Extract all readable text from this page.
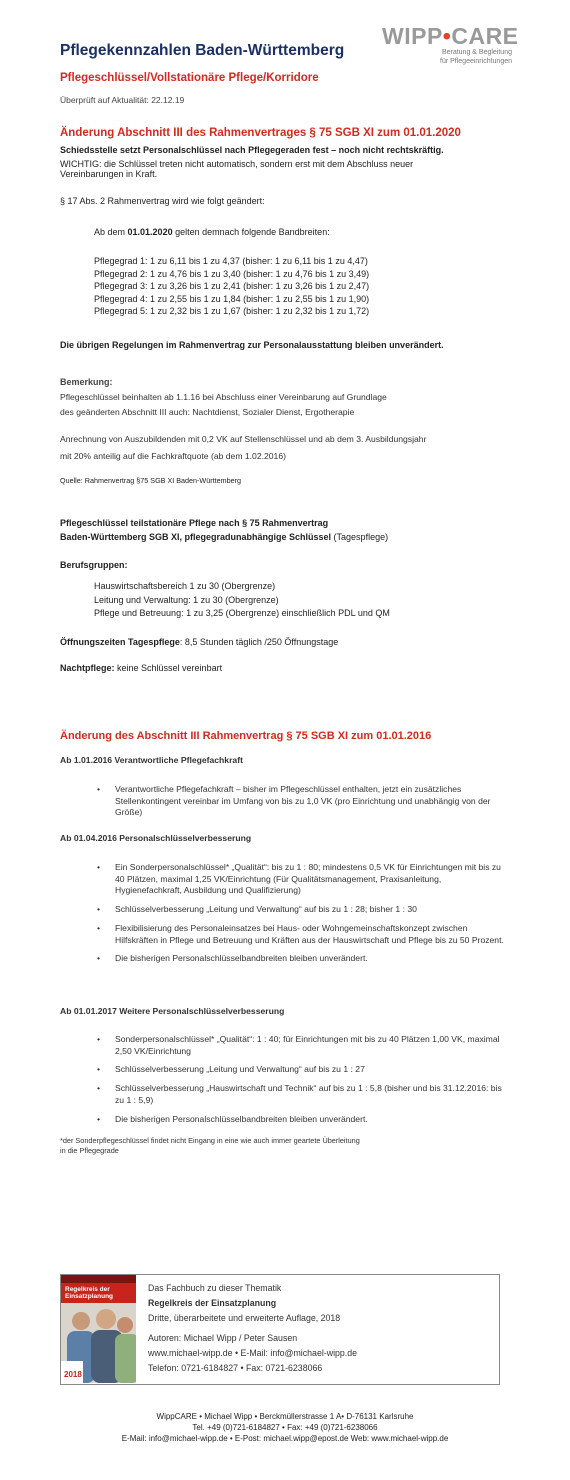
WIPP•CARE
Beratung & Begleitung
für Pflegeeinrichtungen
Pflegekennzahlen Baden-Württemberg
Pflegeschlüssel/Vollstationäre Pflege/Korridore
Überprüft auf Aktualität: 22.12.19
Änderung Abschnitt III des Rahmenvertrages § 75 SGB XI zum 01.01.2020
Schiedsstelle setzt Personalschlüssel nach Pflegegeraden fest – noch nicht rechtskräftig.
WICHTIG: die Schlüssel treten nicht automatisch, sondern erst mit dem Abschluss neuer
Vereinbarungen in Kraft.
§ 17 Abs. 2 Rahmenvertrag wird wie folgt geändert:
Ab dem 01.01.2020 gelten demnach folgende Bandbreiten:
Pflegegrad 1: 1 zu 6,11 bis 1 zu 4,37 (bisher: 1 zu 6,11 bis 1 zu 4,47)
Pflegegrad 2: 1 zu 4,76 bis 1 zu 3,40 (bisher: 1 zu 4,76 bis 1 zu 3,49)
Pflegegrad 3: 1 zu 3,26 bis 1 zu 2,41 (bisher: 1 zu 3,26 bis 1 zu 2,47)
Pflegegrad 4: 1 zu 2,55 bis 1 zu 1,84 (bisher: 1 zu 2,55 bis 1 zu 1,90)
Pflegegrad 5: 1 zu 2,32 bis 1 zu 1,67 (bisher: 1 zu 2,32 bis 1 zu 1,72)
Die übrigen Regelungen im Rahmenvertrag zur Personalausstattung bleiben unverändert.
Bemerkung:
Pflegeschlüssel beinhalten ab 1.1.16 bei Abschluss einer Vereinbarung auf Grundlage
des geänderten Abschnitt III auch: Nachtdienst, Sozialer Dienst, Ergotherapie
Anrechnung von Auszubildenden mit 0,2 VK auf Stellenschlüssel und ab dem 3. Ausbildungsjahr
mit 20% anteilig auf die Fachkraftquote (ab dem 1.02.2016)
Quelle: Rahmenvertrag §75 SGB XI Baden-Württemberg
Pflegeschlüssel teilstationäre Pflege nach § 75 Rahmenvertrag
Baden-Württemberg SGB XI, pflegegradunabhängige Schlüssel (Tagespflege)
Berufsgruppen:
Hauswirtschaftsbereich 1 zu 30 (Obergrenze)
Leitung und Verwaltung: 1 zu 30 (Obergrenze)
Pflege und Betreuung: 1 zu 3,25 (Obergrenze) einschließlich PDL und QM
Öffnungszeiten Tagespflege: 8,5 Stunden täglich /250 Öffnungstage
Nachtpflege: keine Schlüssel vereinbart
Änderung des Abschnitt III Rahmenvertrag § 75 SGB XI zum 01.01.2016
Ab 1.01.2016 Verantwortliche Pflegefachkraft
• Verantwortliche Pflegefachkraft – bisher im Pflegeschlüssel enthalten, jetzt ein zusätzliches Stellenkontingent vereinbar im Umfang von bis zu 1,0 VK (pro Einrichtung und unabhängig von der Größe)
Ab 01.04.2016 Personalschlüsselverbesserung
• Ein Sonderpersonalschlüssel* „Qualität“: bis zu 1 : 80; mindestens 0,5 VK für Einrichtungen mit bis zu 40 Plätzen, maximal 1,25 VK/Einrichtung (Für Qualitätsmanagement, Praxisanleitung, Hygienefachkraft, Ausbildung und Qualifizierung)
• Schlüsselverbesserung „Leitung und Verwaltung“ auf bis zu 1 : 28; bisher 1 : 30
• Flexibilisierung des Personaleinsatzes bei Haus- oder Wohngemeinschaftskonzept zwischen Hilfskräften in Pflege und Betreuung und Kräften aus der Hauswirtschaft und Pflege bis zu 50 Prozent.
• Die bisherigen Personalschlüsselbandbreiten bleiben unverändert.
Ab 01.01.2017 Weitere Personalschlüsselverbesserung
• Sonderpersonalschlüssel* „Qualität“: 1 : 40; für Einrichtungen mit bis zu 40 Plätzen 1,00 VK, maximal 2,50 VK/Einrichtung
• Schlüsselverbesserung „Leitung und Verwaltung“ auf bis zu 1 : 27
• Schlüsselverbesserung „Hauswirtschaft und Technik“ auf bis zu 1 : 5,8 (bisher und bis 31.12.2016: bis zu 1 : 5,9)
• Die bisherigen Personalschlüsselbandbreiten bleiben unverändert.
*der Sonderpflegeschlüssel findet nicht Eingang in eine wie auch immer geartete Überleitung
in die Pflegegrade
Regelkreis der
Einsatzplanung
2018
Das Fachbuch zu dieser Thematik
Regelkreis der Einsatzplanung
Dritte, überarbeitete und erweiterte Auflage, 2018
Autoren: Michael Wipp / Peter Sausen
www.michael-wipp.de • E-Mail: info@michael-wipp.de
Telefon: 0721-6184827 • Fax: 0721-6238066
WippCARE • Michael Wipp • Berckmüllerstrasse 1 A• D-76131 Karlsruhe
Tel. +49 (0)721-6184827 • Fax: +49 (0)721-6238066
E-Mail: info@michael-wipp.de • E-Post: michael.wipp@epost.de Web: www.michael-wipp.de
